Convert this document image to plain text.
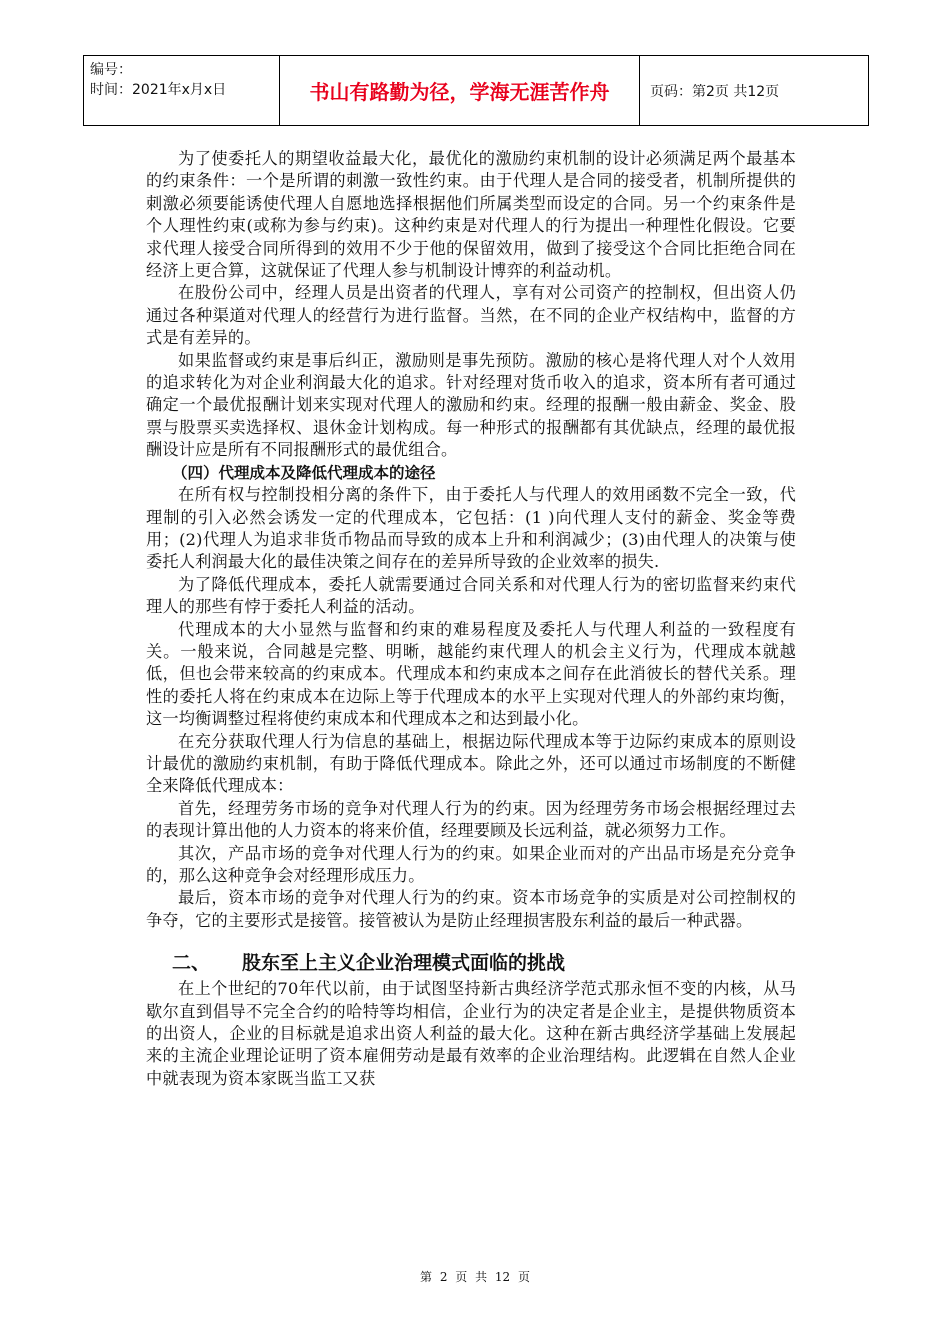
编号：
时间：2021年x月x日	书山有路勤为径，学海无涯苦作舟	页码：第2页 共12页

为了使委托人的期望收益最大化，最优化的激励约束机制的设计必须满足两个最基本的约束条件：一个是所谓的刺激一致性约束。由于代理人是合同的接受者，机制所提供的刺激必须要能诱使代理人自愿地选择根据他们所属类型而设定的合同。另一个约束条件是个人理性约束(或称为参与约束)。这种约束是对代理人的行为提出一种理性化假设。它要求代理人接受合同所得到的效用不少于他的保留效用，做到了接受这个合同比拒绝合同在经济上更合算，这就保证了代理人参与机制设计博弈的利益动机。

在股份公司中，经理人员是出资者的代理人，享有对公司资产的控制权，但出资人仍通过各种渠道对代理人的经营行为进行监督。当然，在不同的企业产权结构中，监督的方式是有差异的。

如果监督或约束是事后纠正，激励则是事先预防。激励的核心是将代理人对个人效用的追求转化为对企业利润最大化的追求。针对经理对货币收入的追求，资本所有者可通过确定一个最优报酬计划来实现对代理人的激励和约束。经理的报酬一般由薪金、奖金、股票与股票买卖选择权、退休金计划构成。每一种形式的报酬都有其优缺点，经理的最优报酬设计应是所有不同报酬形式的最优组合。

（四）代理成本及降低代理成本的途径

在所有权与控制投相分离的条件下，由于委托人与代理人的效用函数不完全一致，代理制的引入必然会诱发一定的代理成本，它包括：(1 )向代理人支付的薪金、奖金等费用；(2)代理人为追求非货币物品而导致的成本上升和利润减少；(3)由代理人的决策与使委托人利润最大化的最佳决策之间存在的差异所导致的企业效率的损失.

为了降低代理成本，委托人就需要通过合同关系和对代理人行为的密切监督来约束代理人的那些有悖于委托人利益的活动。

代理成本的大小显然与监督和约束的难易程度及委托人与代理人利益的一致程度有关。一般来说，合同越是完整、明晰，越能约束代理人的机会主义行为，代理成本就越低，但也会带来较高的约束成本。代理成本和约束成本之间存在此消彼长的替代关系。理性的委托人将在约束成本在边际上等于代理成本的水平上实现对代理人的外部约束均衡，这一均衡调整过程将使约束成本和代理成本之和达到最小化。

在充分获取代理人行为信息的基础上，根据边际代理成本等于边际约束成本的原则设计最优的激励约束机制，有助于降低代理成本。除此之外，还可以通过市场制度的不断健全来降低代理成本：

首先，经理劳务市场的竞争对代理人行为的约束。因为经理劳务市场会根据经理过去的表现计算出他的人力资本的将来价值，经理要顾及长远利益，就必须努力工作。

其次，产品市场的竞争对代理人行为的约束。如果企业而对的产出品市场是充分竞争的，那么这种竞争会对经理形成压力。

最后，资本市场的竞争对代理人行为的约束。资本市场竞争的实质是对公司控制权的争夺，它的主要形式是接管。接管被认为是防止经理损害股东利益的最后一种武器。

二、 股东至上主义企业治理模式面临的挑战

在上个世纪的70年代以前，由于试图坚持新古典经济学范式那永恒不变的内核，从马歇尔直到倡导不完全合约的哈特等均相信，企业行为的决定者是企业主，是提供物质资本的出资人，企业的目标就是追求出资人利益的最大化。这种在新古典经济学基础上发展起来的主流企业理论证明了资本雇佣劳动是最有效率的企业治理结构。此逻辑在自然人企业中就表现为资本家既当监工又获

第 2 页 共 12 页
